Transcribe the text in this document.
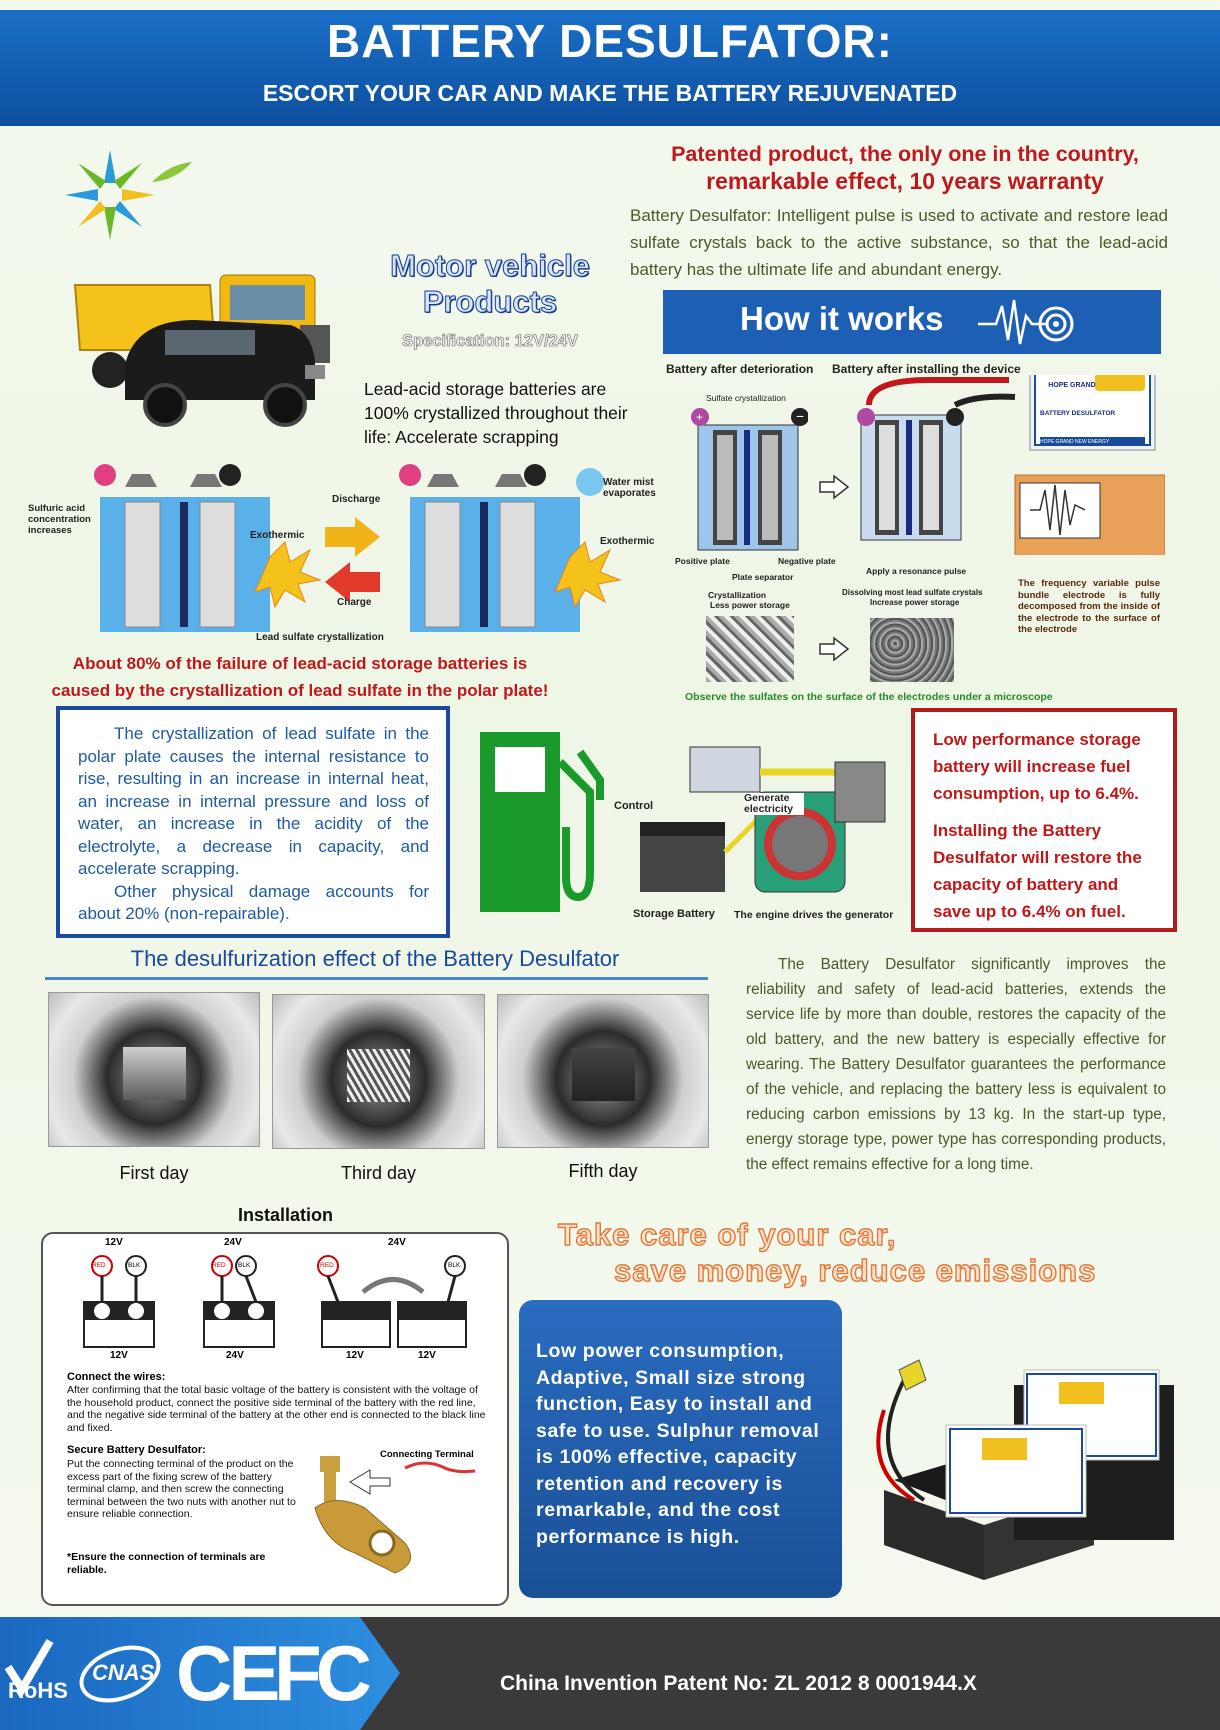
BATTERY DESULFATOR:
ESCORT YOUR CAR AND MAKE THE BATTERY REJUVENATED
Patented product, the only one in the country,
remarkable effect, 10 years warranty
Battery Desulfator: Intelligent pulse is used to activate and restore lead sulfate crystals back to the active substance, so that the lead-acid battery has the ultimate life and abundant energy.
Motor vehicle
Products
Specification: 12V/24V
Lead-acid storage batteries are 100% crystallized throughout their life: Accelerate scrapping
How it works
Battery after deterioration Battery after installing the device
Sulfate crystallization
+	−
Positive plate	Negative plate
Plate separator
Crystallization
Less power storage
HOPE GRAND
BATTERY DESULFATOR
HOPE GRAND NEW ENERGY
Apply a resonance pulse
Dissolving most lead sulfate crystals
Increase power storage
The frequency variable pulse bundle electrode is fully decomposed from the inside of the electrode to the surface of the electrode
Observe the sulfates on the surface of the electrodes under a microscope
Sulfuric acid concentration increases	Exothermic
Discharge
Charge
Water mist evaporates
Exothermic
Lead sulfate crystallization
About 80% of the failure of lead-acid storage batteries is
caused by the crystallization of lead sulfate in the polar plate!

The crystallization of lead sulfate in the polar plate causes the internal resistance to rise, resulting in an increase in internal heat, an increase in internal pressure and loss of water, an increase in the acidity of the electrolyte, a decrease in capacity, and accelerate scrapping.

Other physical damage accounts for about 20% (non-repairable).

Control
Generate electricity
Storage Battery The engine drives the generator

Low performance storage battery will increase fuel consumption, up to 6.4%.

Installing the Battery Desulfator will restore the capacity of battery and save up to 6.4% on fuel.

The desulfurization effect of the Battery Desulfator
First day	Third day	Fifth day
The Battery Desulfator significantly improves the reliability and safety of lead-acid batteries, extends the service life by more than double, restores the capacity of the old battery, and the new battery is especially effective for wearing. The Battery Desulfator guarantees the performance of the vehicle, and replacing the battery less is equivalent to reducing carbon emissions by 13 kg. In the start-up type, energy storage type, power type has corresponding products, the effect remains effective for a long time.
Installation
12V	24V	24V
RED	BLK	RED BLK	RED	BLK
12V	24V	12V	12V
Connect the wires:
After confirming that the total basic voltage of the battery is consistent with the voltage of the household product, connect the positive side terminal of the battery with the red line, and the negative side terminal of the battery at the other end is connected to the black line and fixed.
Secure Battery Desulfator:
Put the connecting terminal of the product on the excess part of the fixing screw of the battery terminal clamp, and then screw the connecting terminal between the two nuts with another nut to ensure reliable connection.
*Ensure the connection of terminals are reliable.
Connecting Terminal
Take care of your car,
save money, reduce emissions

Low power consumption, Adaptive, Small size strong function, Easy to install and safe to use. Sulphur removal is 100% effective, capacity retention and recovery is remarkable, and the cost performance is high.

RoHS
CNAS CE
FC	China Invention Patent No: ZL 2012 8 0001944.X
